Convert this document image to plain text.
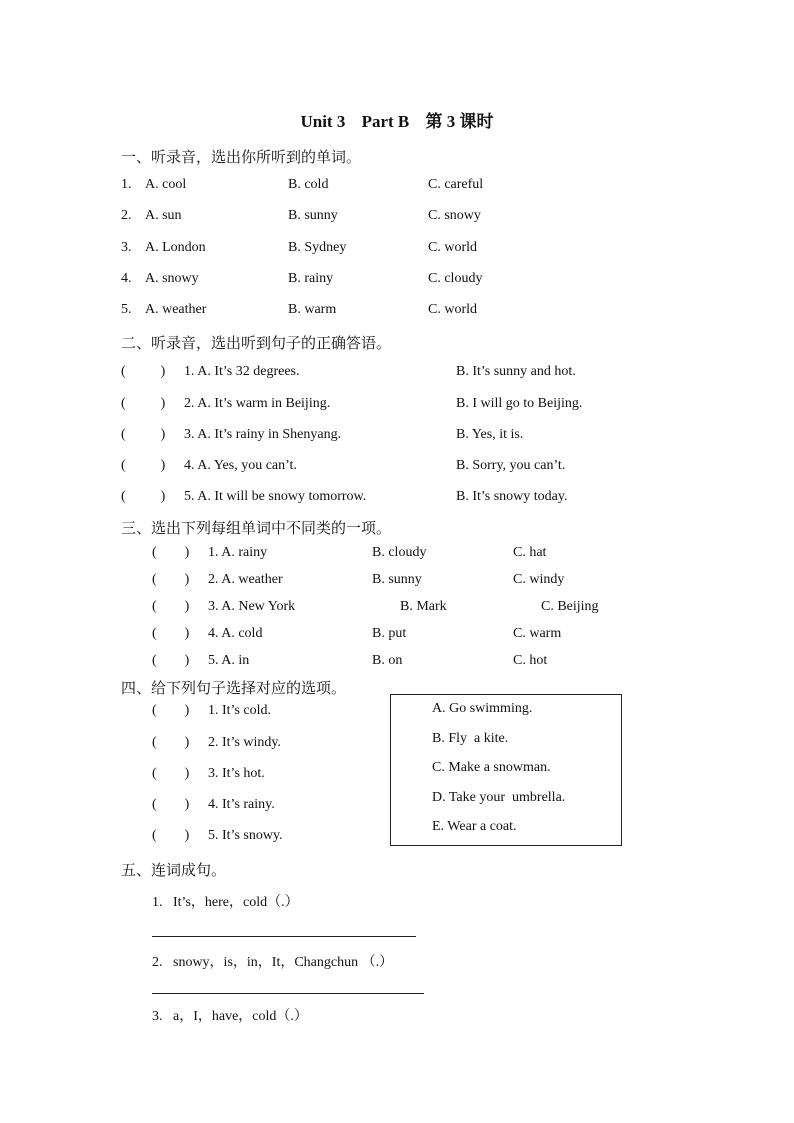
Unit 3 Part B 第 3 课时
一、听录音，选出你所听到的单词。
1. A. cool	B. cold	C. careful
2. A. sun	B. sunny	C. snowy
3. A. London	B. Sydney	C. world
4. A. snowy	B. rainy	C. cloudy
5. A. weather	B. warm	C. world
二、听录音，选出听到句子的正确答语。
(          ) 1. A. It’s 32 degrees.	B. It’s sunny and hot.
(          ) 2. A. It’s warm in Beijing.	B. I will go to Beijing.
(          ) 3. A. It’s rainy in Shenyang.	B. Yes, it is.
(          ) 4. A. Yes, you can’t.	B. Sorry, you can’t.
(          ) 5. A. It will be snowy tomorrow.	B. It’s snowy today.
三、选出下列每组单词中不同类的一项。
(        ) 1. A. rainy	B. cloudy	C. hat
(        ) 2. A. weather	B. sunny	C. windy
(        ) 3. A. New York	B. Mark	C. Beijing
(        ) 4. A. cold	B. put	C. warm
(        ) 5. A. in	B. on	C. hot
四、给下列句子选择对应的选项。
(        ) 1. It’s cold.
(        ) 2. It’s windy.
(        ) 3. It’s hot.
(        ) 4. It’s rainy.
(        ) 5. It’s snowy.
A. Go swimming.
B. Fly  a kite.
C. Make a snowman.
D. Take your  umbrella.
E. Wear a coat.
五、连词成句。
1.   It’s，here，cold（.）
2.   snowy，is，in，It，Changchun （.）
3.   a，I，have，cold（.）
